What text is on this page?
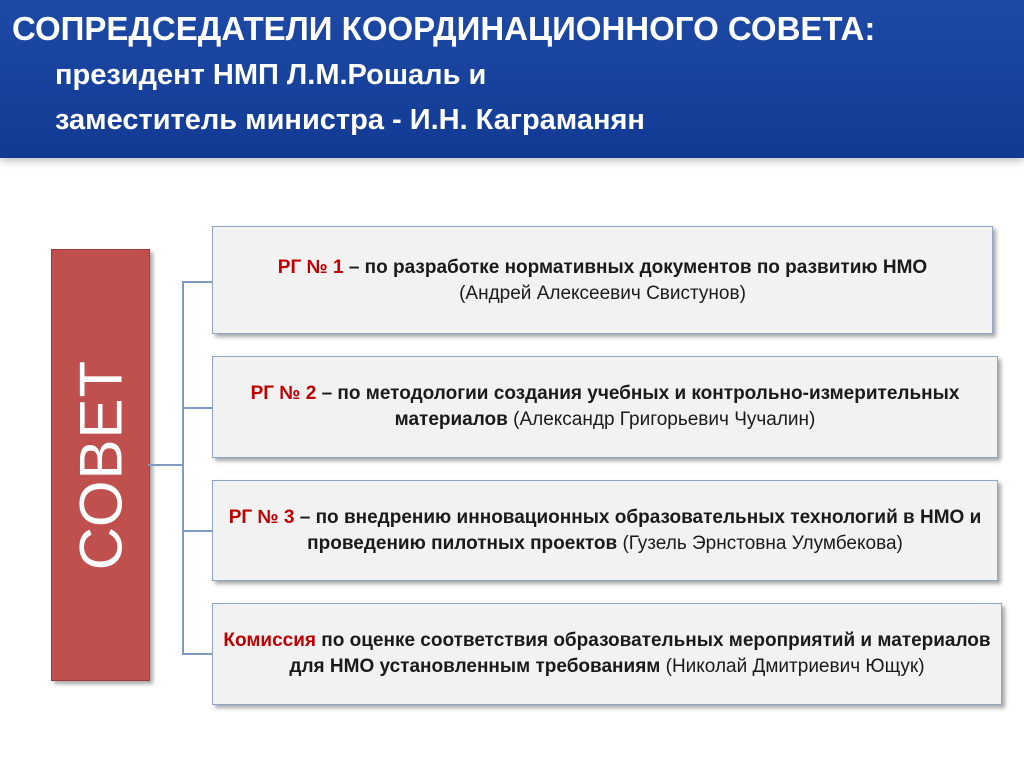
СОПРЕДСЕДАТЕЛИ КООРДИНАЦИОННОГО СОВЕТА:
президент НМП Л.М.Рошаль и
заместитель министра - И.Н. Каграманян
СОВЕТ

РГ № 1 – по разработке нормативных документов по развитию НМО
(Андрей Алексеевич Свистунов)

РГ № 2 – по методологии создания учебных и контрольно-измерительных материалов (Александр Григорьевич Чучалин)

РГ № 3 – по внедрению инновационных образовательных технологий в НМО и проведению пилотных проектов (Гузель Эрнстовна Улумбекова)

Комиссия по оценке соответствия образовательных мероприятий и материалов для НМО установленным требованиям (Николай Дмитриевич Ющук)
